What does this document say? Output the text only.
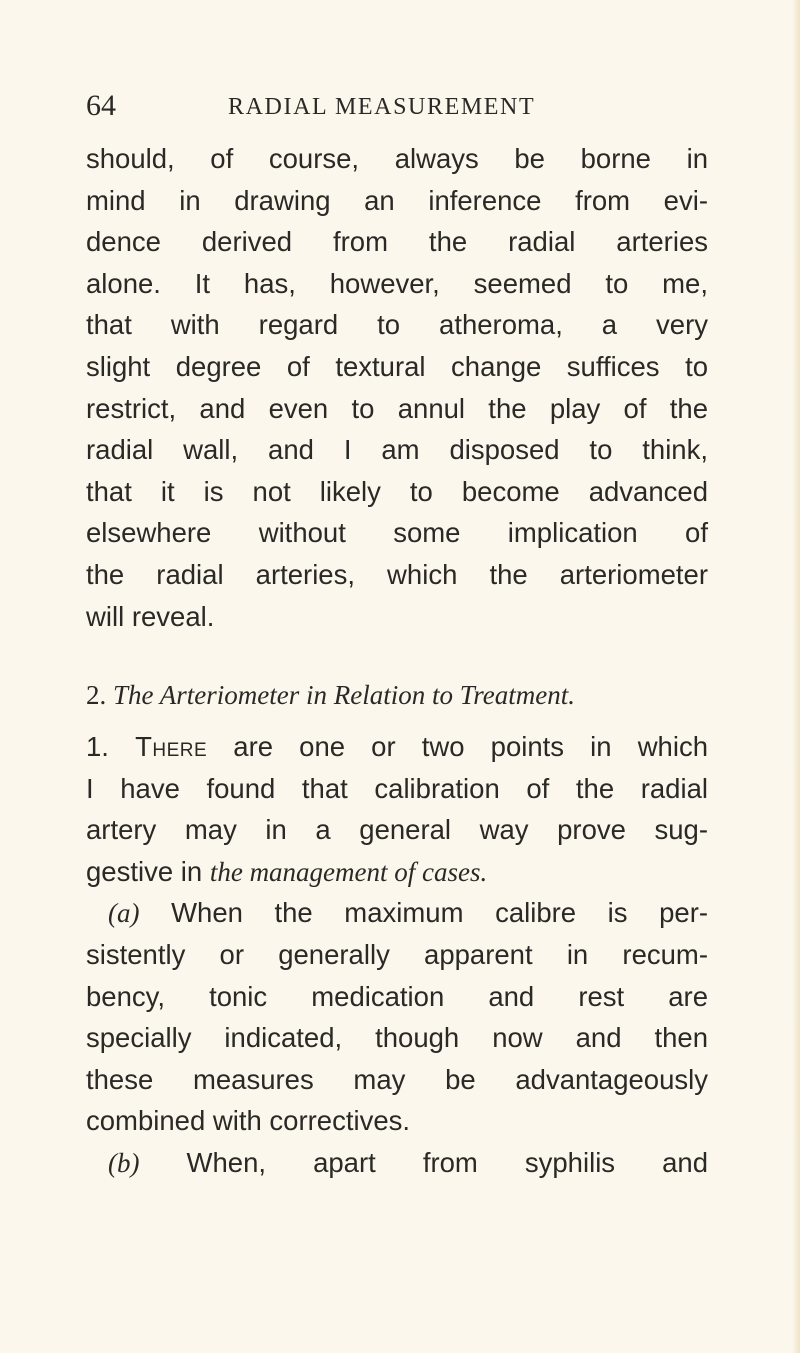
64	RADIAL MEASUREMENT
should, of course, always be borne in
mind in drawing an inference from evi-
dence derived from the radial arteries
alone. It has, however, seemed to me,
that with regard to atheroma, a very
slight degree of textural change suffices to
restrict, and even to annul the play of the
radial wall, and I am disposed to think,
that it is not likely to become advanced
elsewhere without some implication of
the radial arteries, which the arteriometer
will reveal.
2. The Arteriometer in Relation to Treatment.
1. There are one or two points in which
I have found that calibration of the radial
artery may in a general way prove sug-
gestive in the management of cases.
(a) When the maximum calibre is per-
sistently or generally apparent in recum-
bency, tonic medication and rest are
specially indicated, though now and then
these measures may be advantageously
combined with correctives.
(b) When, apart from syphilis and
